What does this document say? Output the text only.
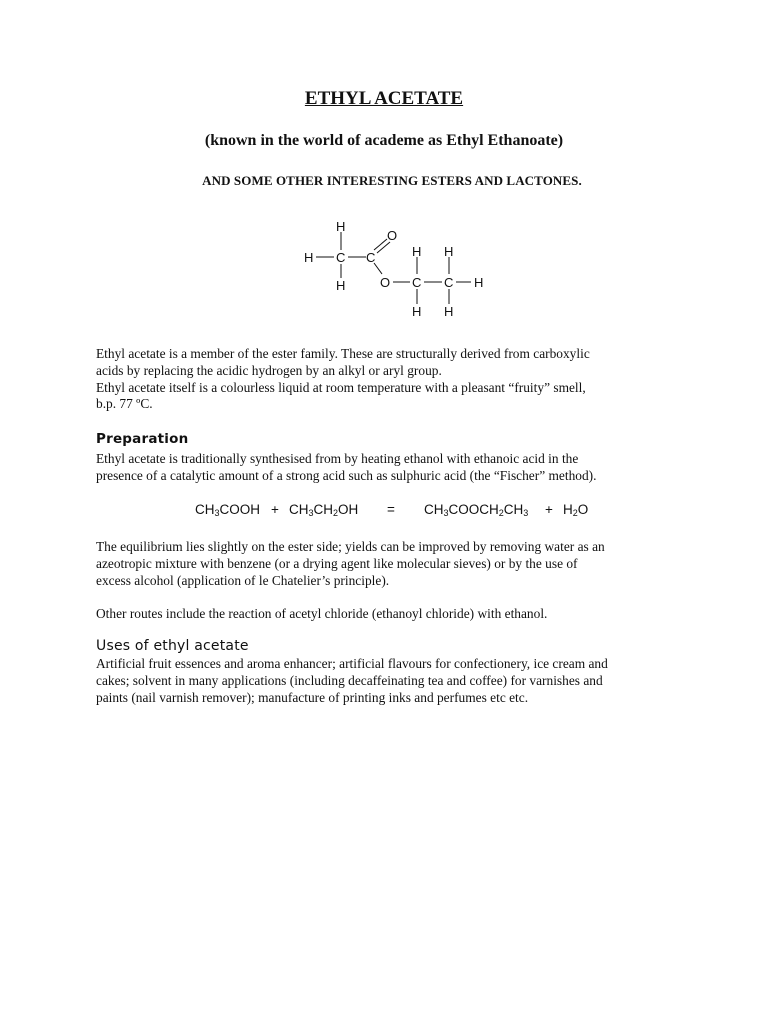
ETHYL ACETATE
(known in the world of academe as Ethyl Ethanoate)
AND SOME OTHER INTERESTING ESTERS AND LACTONES.
H
H C C
O
H	O C C H
H H
H H

Ethyl acetate is a member of the ester family. These are structurally derived from carboxylic

acids by replacing the acidic hydrogen by an alkyl or aryl group.

Ethyl acetate itself is a colourless liquid at room temperature with a pleasant “fruity” smell,

b.p. 77 ºC.

Preparation

Ethyl acetate is traditionally synthesised from by heating ethanol with ethanoic acid in the

presence of a catalytic amount of a strong acid such as sulphuric acid (the “Fischer” method).

$CH_3COOH + CH_3CH_2OH$ = $CH_3COOCH_2CH_3 + H_2O$

The equilibrium lies slightly on the ester side; yields can be improved by removing water as an

azeotropic mixture with benzene (or a drying agent like molecular sieves) or by the use of

excess alcohol (application of le Chatelier’s principle).

Other routes include the reaction of acetyl chloride (ethanoyl chloride) with ethanol.

Uses of ethyl acetate

Artificial fruit essences and aroma enhancer; artificial flavours for confectionery, ice cream and

cakes; solvent in many applications (including decaffeinating tea and coffee) for varnishes and

paints (nail varnish remover); manufacture of printing inks and perfumes etc etc.
